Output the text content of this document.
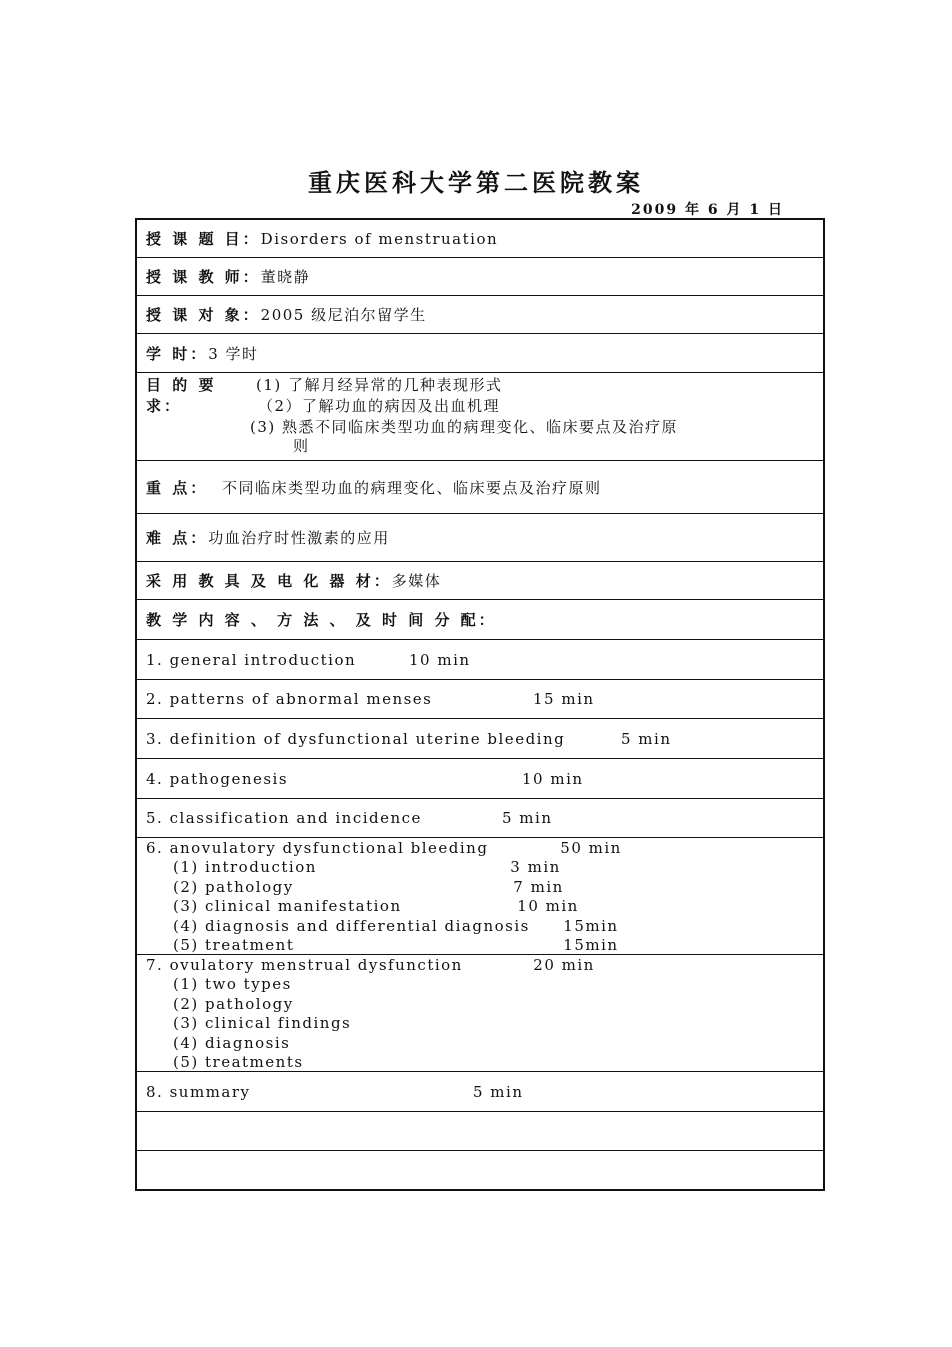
重庆医科大学第二医院教案
2009 年 6 月 1 日
授 课 题 目： Disorders of menstruation
授 课 教 师： 董晓静
授 课 对 象： 2005 级尼泊尔留学生
学 时： 3 学时
目 的 要 求：
(1) 了解月经异常的几种表现形式
（2）了解功血的病因及出血机理
(3) 熟悉不同临床类型功血的病理变化、临床要点及治疗原
则
重 点： 不同临床类型功血的病理变化、临床要点及治疗原则
难 点： 功血治疗时性激素的应用
采 用 教 具 及 电 化 器 材： 多媒体
教 学 内 容 、 方 法 、 及 时 间 分 配：
1. general introduction	10 min
2. patterns of abnormal menses	15 min
3. definition of dysfunctional uterine bleeding	5 min
4. pathogenesis	10 min
5. classification and incidence	5 min
6. anovulatory dysfunctional bleeding	50 min
(1) introduction	3 min
(2) pathology	7 min
(3) clinical manifestation	10 min
(4) diagnosis and differential diagnosis 15min
(5) treatment	15min
7. ovulatory menstrual dysfunction	20 min
(1) two types
(2) pathology
(3) clinical findings
(4) diagnosis
(5) treatments
8. summary	5 min
